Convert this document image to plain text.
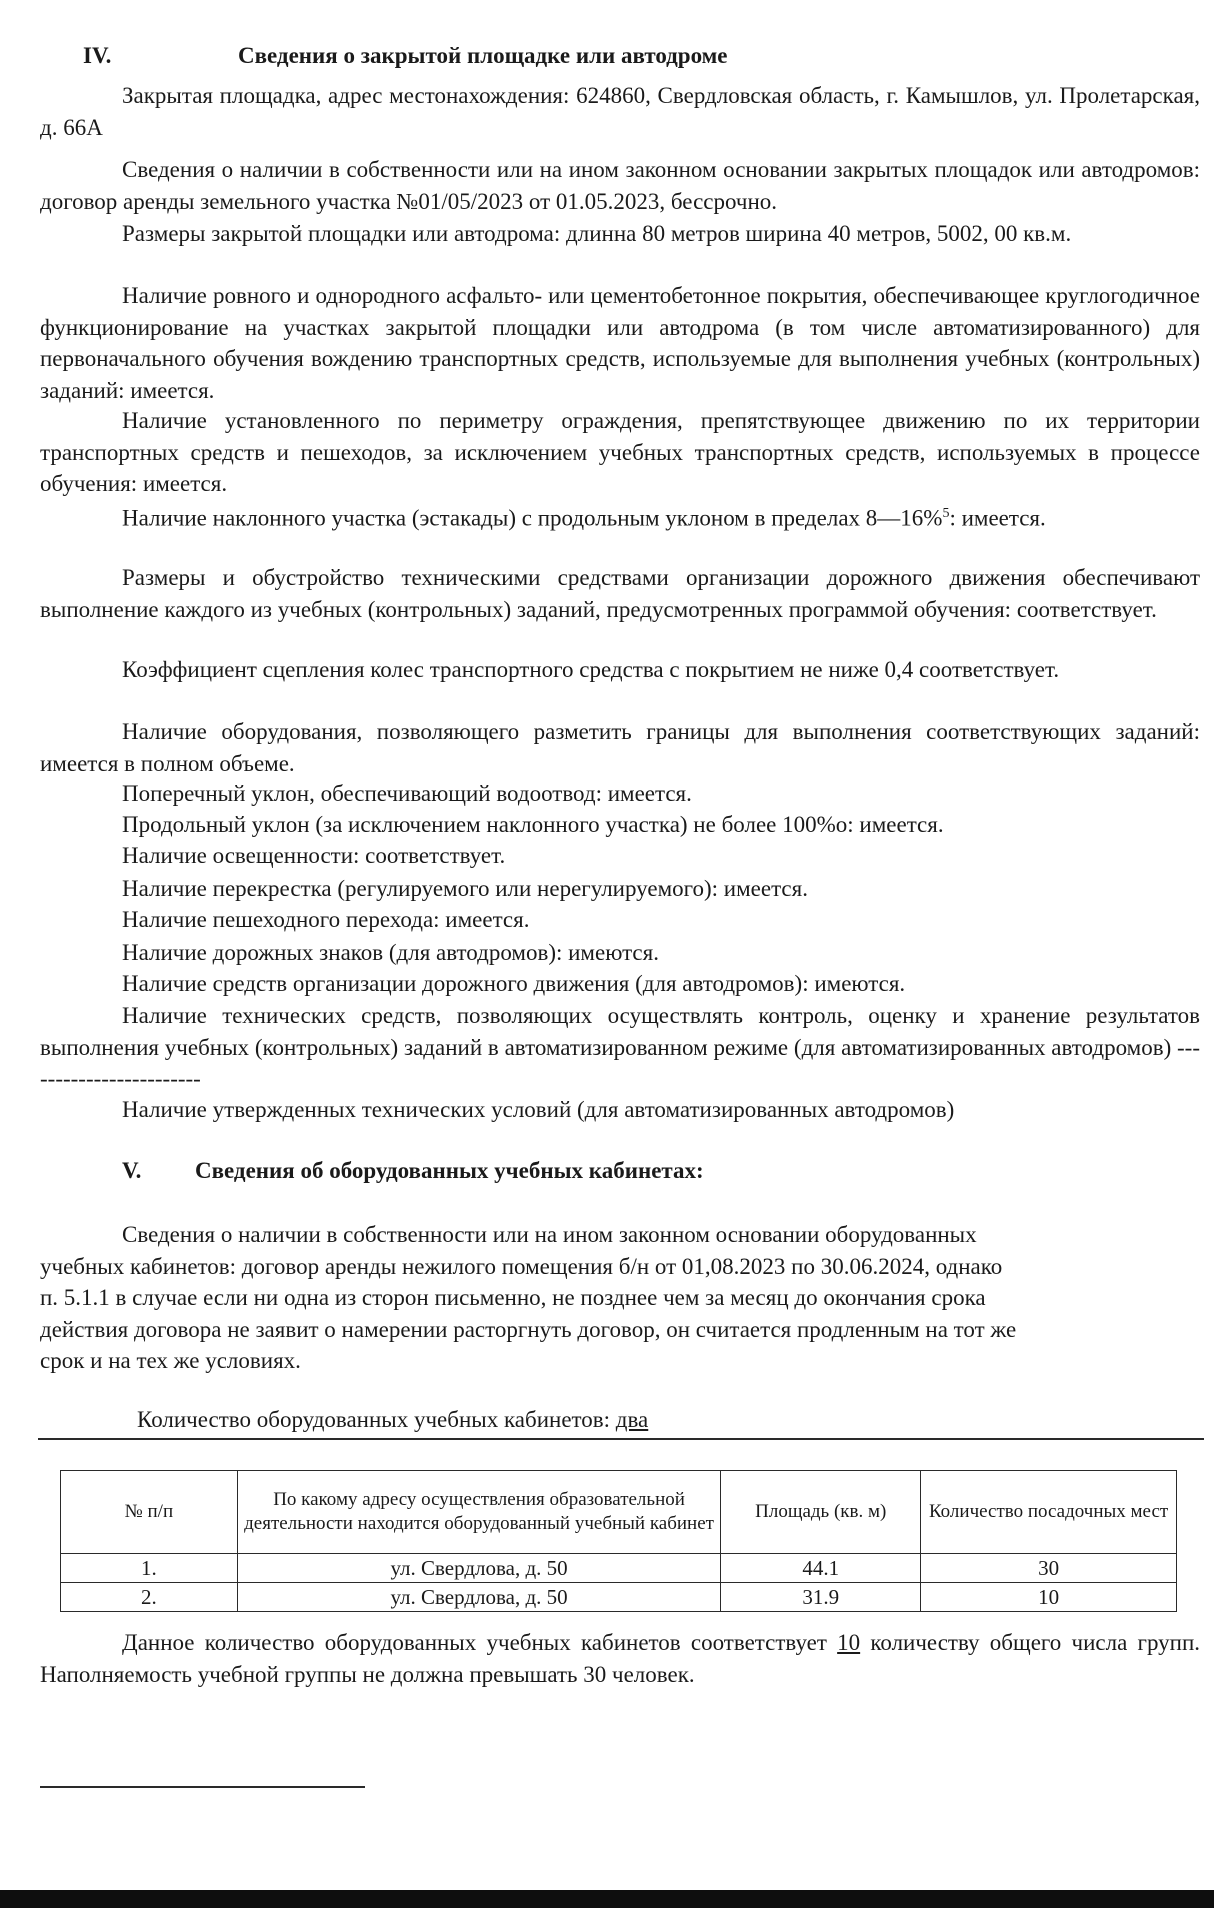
IV.	Сведения о закрытой площадке или автодроме
Закрытая площадка, адрес местонахождения: 624860, Свердловская область, г. Камышлов, ул. Пролетарская, д. 66А
Сведения о наличии в собственности или на ином законном основании закрытых площадок или автодромов: договор аренды земельного участка №01/05/2023 от 01.05.2023, бессрочно.
Размеры закрытой площадки или автодрома: длинна 80 метров ширина 40 метров, 5002, 00 кв.м.
Наличие ровного и однородного асфальто- или цементобетонное покрытия, обеспечивающее круглогодичное функционирование на участках закрытой площадки или автодрома (в том числе автоматизированного) для первоначального обучения вождению транспортных средств, используемые для выполнения учебных (контрольных) заданий: имеется.
Наличие установленного по периметру ограждения, препятствующее движению по их территории транспортных средств и пешеходов, за исключением учебных транспортных средств, используемых в процессе обучения: имеется.
Наличие наклонного участка (эстакады) с продольным уклоном в пределах 8—16%$^5$: имеется.
Размеры и обустройство техническими средствами организации дорожного движения обеспечивают выполнение каждого из учебных (контрольных) заданий, предусмотренных программой обучения: соответствует.
Коэффициент сцепления колес транспортного средства с покрытием не ниже 0,4 соответствует.
Наличие оборудования, позволяющего разметить границы для выполнения соответствующих заданий: имеется в полном объеме.
Поперечный уклон, обеспечивающий водоотвод: имеется.
Продольный уклон (за исключением наклонного участка) не более 100%о: имеется.
Наличие освещенности: соответствует.
Наличие перекрестка (регулируемого или нерегулируемого): имеется.
Наличие пешеходного перехода: имеется.
Наличие дорожных знаков (для автодромов): имеются.
Наличие средств организации дорожного движения (для автодромов): имеются.
Наличие технических средств, позволяющих осуществлять контроль, оценку и хранение результатов выполнения учебных (контрольных) заданий в автоматизированном режиме (для автоматизированных автодромов) ------------------------
Наличие утвержденных технических условий (для автоматизированных автодромов)
V. Сведения об оборудованных учебных кабинетах:
Сведения о наличии в собственности или на ином законном основании оборудованных
учебных кабинетов: договор аренды нежилого помещения б/н от 01,08.2023 по 30.06.2024, однако
п. 5.1.1 в случае если ни одна из сторон письменно, не позднее чем за месяц до окончания срока
действия договора не заявит о намерении расторгнуть договор, он считается продленным на тот же
срок и на тех же условиях.
Количество оборудованных учебных кабинетов: два
№ п/п	По какому адресу осуществления образовательной деятельности находится оборудованный учебный кабинет	Площадь (кв. м)	Количество посадочных мест
1.	ул. Свердлова, д. 50	44.1	30
2.	ул. Свердлова, д. 50	31.9	10
Данное количество оборудованных учебных кабинетов соответствует 10 количеству общего числа групп. Наполняемость учебной группы не должна превышать 30 человек.
